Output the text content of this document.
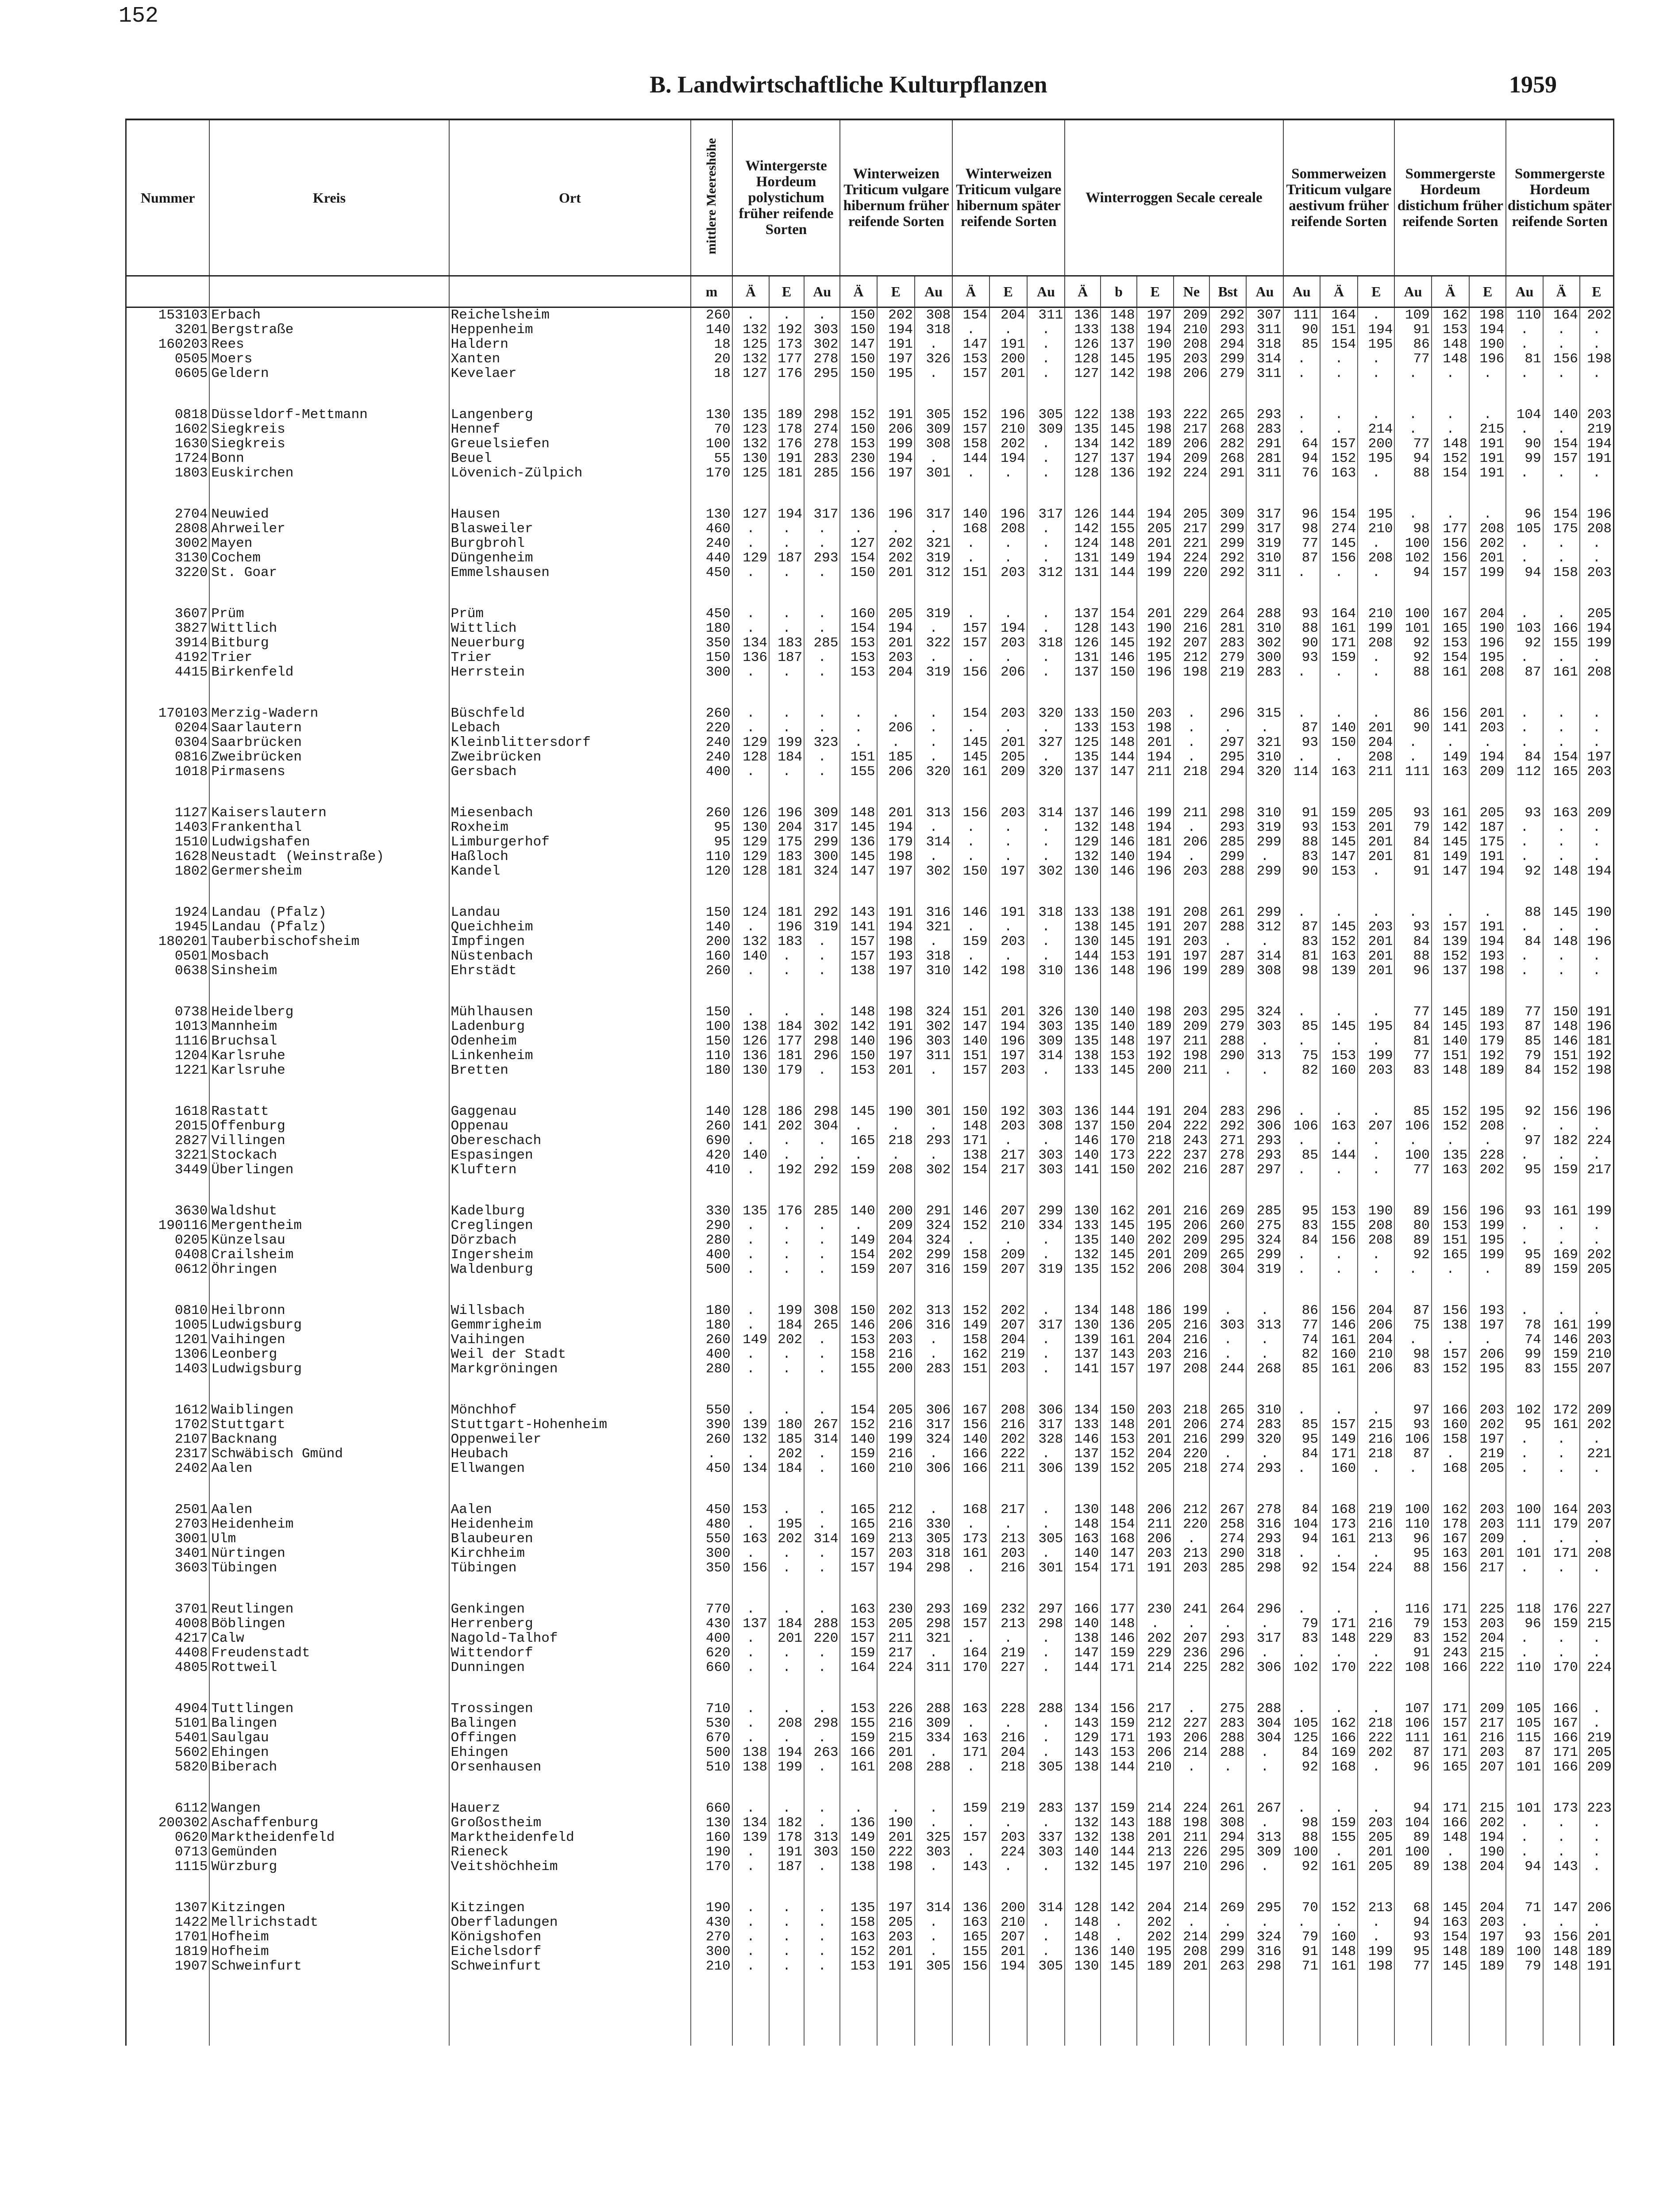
152
B. Landwirtschaftliche Kulturpflanzen	1959
Nummer	Kreis	Ort	mittlere Meereshöhe	Wintergerste Hordeum polystichum früher reifende Sorten			Winterweizen Triticum vulgare hibernum früher reifende Sorten			Winterweizen Triticum vulgare hibernum später reifende Sorten			Winterroggen Secale cereale						Sommerweizen Triticum vulgare aestivum früher reifende Sorten			Sommergerste Hordeum distichum früher reifende Sorten			Sommergerste Hordeum distichum später reifende Sorten		
			m	Ä	E	Au	Ä	E	Au	Ä	E	Au	Ä	b	E	Ne	Bst	Au	Au	Ä	E	Au	Ä	E	Au	Ä	E
153103	Erbach	Reichelsheim	260	.	.	.	150	202	308	154	204	311	136	148	197	209	292	307	111	164	.	109	162	198	110	164	202
3201	Bergstraße	Heppenheim	140	132	192	303	150	194	318	.	.	.	133	138	194	210	293	311	90	151	194	91	153	194	.	.	.
160203	Rees	Haldern	18	125	173	302	147	191	.	147	191	.	126	137	190	208	294	318	85	154	195	86	148	190	.	.	.
0505	Moers	Xanten	20	132	177	278	150	197	326	153	200	.	128	145	195	203	299	314	.	.	.	77	148	196	81	156	198
0605	Geldern	Kevelaer	18	127	176	295	150	195	.	157	201	.	127	142	198	206	279	311	.	.	.	.	.	.	.	.	.

0818	Düsseldorf-Mettmann	Langenberg	130	135	189	298	152	191	305	152	196	305	122	138	193	222	265	293	.	.	.	.	.	.	104	140	203
1602	Siegkreis	Hennef	70	123	178	274	150	206	309	157	210	309	135	145	198	217	268	283	.	.	214	.	.	215	.	.	219
1630	Siegkreis	Greuelsiefen	100	132	176	278	153	199	308	158	202	.	134	142	189	206	282	291	64	157	200	77	148	191	90	154	194
1724	Bonn	Beuel	55	130	191	283	230	194	.	144	194	.	127	137	194	209	268	281	94	152	195	94	152	191	99	157	191
1803	Euskirchen	Lövenich-Zülpich	170	125	181	285	156	197	301	.	.	.	128	136	192	224	291	311	76	163	.	88	154	191	.	.	.

2704	Neuwied	Hausen	130	127	194	317	136	196	317	140	196	317	126	144	194	205	309	317	96	154	195	.	.	.	96	154	196
2808	Ahrweiler	Blasweiler	460	.	.	.	.	.	.	168	208	.	142	155	205	217	299	317	98	274	210	98	177	208	105	175	208
3002	Mayen	Burgbrohl	240	.	.	.	127	202	321	.	.	.	124	148	201	221	299	319	77	145	.	100	156	202	.	.	.
3130	Cochem	Düngenheim	440	129	187	293	154	202	319	.	.	.	131	149	194	224	292	310	87	156	208	102	156	201	.	.	.
3220	St. Goar	Emmelshausen	450	.	.	.	150	201	312	151	203	312	131	144	199	220	292	311	.	.	.	94	157	199	94	158	203

3607	Prüm	Prüm	450	.	.	.	160	205	319	.	.	.	137	154	201	229	264	288	93	164	210	100	167	204	.	.	205
3827	Wittlich	Wittlich	180	.	.	.	154	194	.	157	194	.	128	143	190	216	281	310	88	161	199	101	165	190	103	166	194
3914	Bitburg	Neuerburg	350	134	183	285	153	201	322	157	203	318	126	145	192	207	283	302	90	171	208	92	153	196	92	155	199
4192	Trier	Trier	150	136	187	.	153	203	.	.	.	.	131	146	195	212	279	300	93	159	.	92	154	195	.	.	.
4415	Birkenfeld	Herrstein	300	.	.	.	153	204	319	156	206	.	137	150	196	198	219	283	.	.	.	88	161	208	87	161	208

170103	Merzig-Wadern	Büschfeld	260	.	.	.	.	.	.	154	203	320	133	150	203	.	296	315	.	.	.	86	156	201	.	.	.
0204	Saarlautern	Lebach	220	.	.	.	.	206	.	.	.	.	133	153	198	.	.	.	87	140	201	90	141	203	.	.	.
0304	Saarbrücken	Kleinblittersdorf	240	129	199	323	.	.	.	145	201	327	125	148	201	.	297	321	93	150	204	.	.	.	.	.	.
0816	Zweibrücken	Zweibrücken	240	128	184	.	151	185	.	145	205	.	135	144	194	.	295	310	.	.	208	.	149	194	84	154	197
1018	Pirmasens	Gersbach	400	.	.	.	155	206	320	161	209	320	137	147	211	218	294	320	114	163	211	111	163	209	112	165	203

1127	Kaiserslautern	Miesenbach	260	126	196	309	148	201	313	156	203	314	137	146	199	211	298	310	91	159	205	93	161	205	93	163	209
1403	Frankenthal	Roxheim	95	130	204	317	145	194	.	.	.	.	132	148	194	.	293	319	93	153	201	79	142	187	.	.	.
1510	Ludwigshafen	Limburgerhof	95	129	175	299	136	179	314	.	.	.	129	146	181	206	285	299	88	145	201	84	145	175	.	.	.
1628	Neustadt (Weinstraße)	Haßloch	110	129	183	300	145	198	.	.	.	.	132	140	194	.	299	.	83	147	201	81	149	191	.	.	.
1802	Germersheim	Kandel	120	128	181	324	147	197	302	150	197	302	130	146	196	203	288	299	90	153	.	91	147	194	92	148	194

1924	Landau (Pfalz)	Landau	150	124	181	292	143	191	316	146	191	318	133	138	191	208	261	299	.	.	.	.	.	.	88	145	190
1945	Landau (Pfalz)	Queichheim	140	.	196	319	141	194	321	.	.	.	138	145	191	207	288	312	87	145	203	93	157	191	.	.	.
180201	Tauberbischofsheim	Impfingen	200	132	183	.	157	198	.	159	203	.	130	145	191	203	.	.	83	152	201	84	139	194	84	148	196
0501	Mosbach	Nüstenbach	160	140	.	.	157	193	318	.	.	.	144	153	191	197	287	314	81	163	201	88	152	193	.	.	.
0638	Sinsheim	Ehrstädt	260	.	.	.	138	197	310	142	198	310	136	148	196	199	289	308	98	139	201	96	137	198	.	.	.

0738	Heidelberg	Mühlhausen	150	.	.	.	148	198	324	151	201	326	130	140	198	203	295	324	.	.	.	77	145	189	77	150	191
1013	Mannheim	Ladenburg	100	138	184	302	142	191	302	147	194	303	135	140	189	209	279	303	85	145	195	84	145	193	87	148	196
1116	Bruchsal	Odenheim	150	126	177	298	140	196	303	140	196	309	135	148	197	211	288	.	.	.	.	81	140	179	85	146	181
1204	Karlsruhe	Linkenheim	110	136	181	296	150	197	311	151	197	314	138	153	192	198	290	313	75	153	199	77	151	192	79	151	192
1221	Karlsruhe	Bretten	180	130	179	.	153	201	.	157	203	.	133	145	200	211	.	.	82	160	203	83	148	189	84	152	198

1618	Rastatt	Gaggenau	140	128	186	298	145	190	301	150	192	303	136	144	191	204	283	296	.	.	.	85	152	195	92	156	196
2015	Offenburg	Oppenau	260	141	202	304	.	.	.	148	203	308	137	150	204	222	292	306	106	163	207	106	152	208	.	.	.
2827	Villingen	Obereschach	690	.	.	.	165	218	293	171	.	.	146	170	218	243	271	293	.	.	.	.	.	.	97	182	224
3221	Stockach	Espasingen	420	140	.	.	.	.	.	138	217	303	140	173	222	237	278	293	85	144	.	100	135	228	.	.	.
3449	Überlingen	Kluftern	410	.	192	292	159	208	302	154	217	303	141	150	202	216	287	297	.	.	.	77	163	202	95	159	217

3630	Waldshut	Kadelburg	330	135	176	285	140	200	291	146	207	299	130	162	201	216	269	285	95	153	190	89	156	196	93	161	199
190116	Mergentheim	Creglingen	290	.	.	.	.	209	324	152	210	334	133	145	195	206	260	275	83	155	208	80	153	199	.	.	.
0205	Künzelsau	Dörzbach	280	.	.	.	149	204	324	.	.	.	135	140	202	209	295	324	84	156	208	89	151	195	.	.	.
0408	Crailsheim	Ingersheim	400	.	.	.	154	202	299	158	209	.	132	145	201	209	265	299	.	.	.	92	165	199	95	169	202
0612	Öhringen	Waldenburg	500	.	.	.	159	207	316	159	207	319	135	152	206	208	304	319	.	.	.	.	.	.	89	159	205

0810	Heilbronn	Willsbach	180	.	199	308	150	202	313	152	202	.	134	148	186	199	.	.	86	156	204	87	156	193	.	.	.
1005	Ludwigsburg	Gemmrigheim	180	.	184	265	146	206	316	149	207	317	130	136	205	216	303	313	77	146	206	75	138	197	78	161	199
1201	Vaihingen	Vaihingen	260	149	202	.	153	203	.	158	204	.	139	161	204	216	.	.	74	161	204	.	.	.	74	146	203
1306	Leonberg	Weil der Stadt	400	.	.	.	158	216	.	162	219	.	137	143	203	216	.	.	82	160	210	98	157	206	99	159	210
1403	Ludwigsburg	Markgröningen	280	.	.	.	155	200	283	151	203	.	141	157	197	208	244	268	85	161	206	83	152	195	83	155	207

1612	Waiblingen	Mönchhof	550	.	.	.	154	205	306	167	208	306	134	150	203	218	265	310	.	.	.	97	166	203	102	172	209
1702	Stuttgart	Stuttgart-Hohenheim	390	139	180	267	152	216	317	156	216	317	133	148	201	206	274	283	85	157	215	93	160	202	95	161	202
2107	Backnang	Oppenweiler	260	132	185	314	140	199	324	140	202	328	146	153	201	216	299	320	95	149	216	106	158	197	.	.	.
2317	Schwäbisch Gmünd	Heubach	.	.	202	.	159	216	.	166	222	.	137	152	204	220	.	.	84	171	218	87	.	219	.	.	221
2402	Aalen	Ellwangen	450	134	184	.	160	210	306	166	211	306	139	152	205	218	274	293	.	160	.	.	168	205	.	.	.

2501	Aalen	Aalen	450	153	.	.	165	212	.	168	217	.	130	148	206	212	267	278	84	168	219	100	162	203	100	164	203
2703	Heidenheim	Heidenheim	480	.	195	.	165	216	330	.	.	.	148	154	211	220	258	316	104	173	216	110	178	203	111	179	207
3001	Ulm	Blaubeuren	550	163	202	314	169	213	305	173	213	305	163	168	206	.	274	293	94	161	213	96	167	209	.	.	.
3401	Nürtingen	Kirchheim	300	.	.	.	157	203	318	161	203	.	140	147	203	213	290	318	.	.	.	95	163	201	101	171	208
3603	Tübingen	Tübingen	350	156	.	.	157	194	298	.	216	301	154	171	191	203	285	298	92	154	224	88	156	217	.	.	.

3701	Reutlingen	Genkingen	770	.	.	.	163	230	293	169	232	297	166	177	230	241	264	296	.	.	.	116	171	225	118	176	227
4008	Böblingen	Herrenberg	430	137	184	288	153	205	298	157	213	298	140	148	.	.	.	.	79	171	216	79	153	203	96	159	215
4217	Calw	Nagold-Talhof	400	.	201	220	157	211	321	.	.	.	138	146	202	207	293	317	83	148	229	83	152	204	.	.	.
4408	Freudenstadt	Wittendorf	620	.	.	.	159	217	.	164	219	.	147	159	229	236	296	.	.	.	.	91	243	215	.	.	.
4805	Rottweil	Dunningen	660	.	.	.	164	224	311	170	227	.	144	171	214	225	282	306	102	170	222	108	166	222	110	170	224

4904	Tuttlingen	Trossingen	710	.	.	.	153	226	288	163	228	288	134	156	217	.	275	288	.	.	.	107	171	209	105	166	.
5101	Balingen	Balingen	530	.	208	298	155	216	309	.	.	.	143	159	212	227	283	304	105	162	218	106	157	217	105	167	.
5401	Saulgau	Offingen	670	.	.	.	159	215	334	163	216	.	129	171	193	206	288	304	125	166	222	111	161	216	115	166	219
5602	Ehingen	Ehingen	500	138	194	263	166	201	.	171	204	.	143	153	206	214	288	.	84	169	202	87	171	203	87	171	205
5820	Biberach	Orsenhausen	510	138	199	.	161	208	288	.	218	305	138	144	210	.	.	.	92	168	.	96	165	207	101	166	209

6112	Wangen	Hauerz	660	.	.	.	.	.	.	159	219	283	137	159	214	224	261	267	.	.	.	94	171	215	101	173	223
200302	Aschaffenburg	Großostheim	130	134	182	.	136	190	.	.	.	.	132	143	188	198	308	.	98	159	203	104	166	202	.	.	.
0620	Marktheidenfeld	Marktheidenfeld	160	139	178	313	149	201	325	157	203	337	132	138	201	211	294	313	88	155	205	89	148	194	.	.	.
0713	Gemünden	Rieneck	190	.	191	303	150	222	303	.	224	303	140	144	213	226	295	309	100	.	201	100	.	190	.	.	.
1115	Würzburg	Veitshöchheim	170	.	187	.	138	198	.	143	.	.	132	145	197	210	296	.	92	161	205	89	138	204	94	143	.

1307	Kitzingen	Kitzingen	190	.	.	.	135	197	314	136	200	314	128	142	204	214	269	295	70	152	213	68	145	204	71	147	206
1422	Mellrichstadt	Oberfladungen	430	.	.	.	158	205	.	163	210	.	148	.	202	.	.	.	.	.	.	94	163	203	.	.	.
1701	Hofheim	Königshofen	270	.	.	.	163	203	.	165	207	.	148	.	202	214	299	324	79	160	.	93	154	197	93	156	201
1819	Hofheim	Eichelsdorf	300	.	.	.	152	201	.	155	201	.	136	140	195	208	299	316	91	148	199	95	148	189	100	148	189
1907	Schweinfurt	Schweinfurt	210	.	.	.	153	191	305	156	194	305	130	145	189	201	263	298	71	161	198	77	145	189	79	148	191
